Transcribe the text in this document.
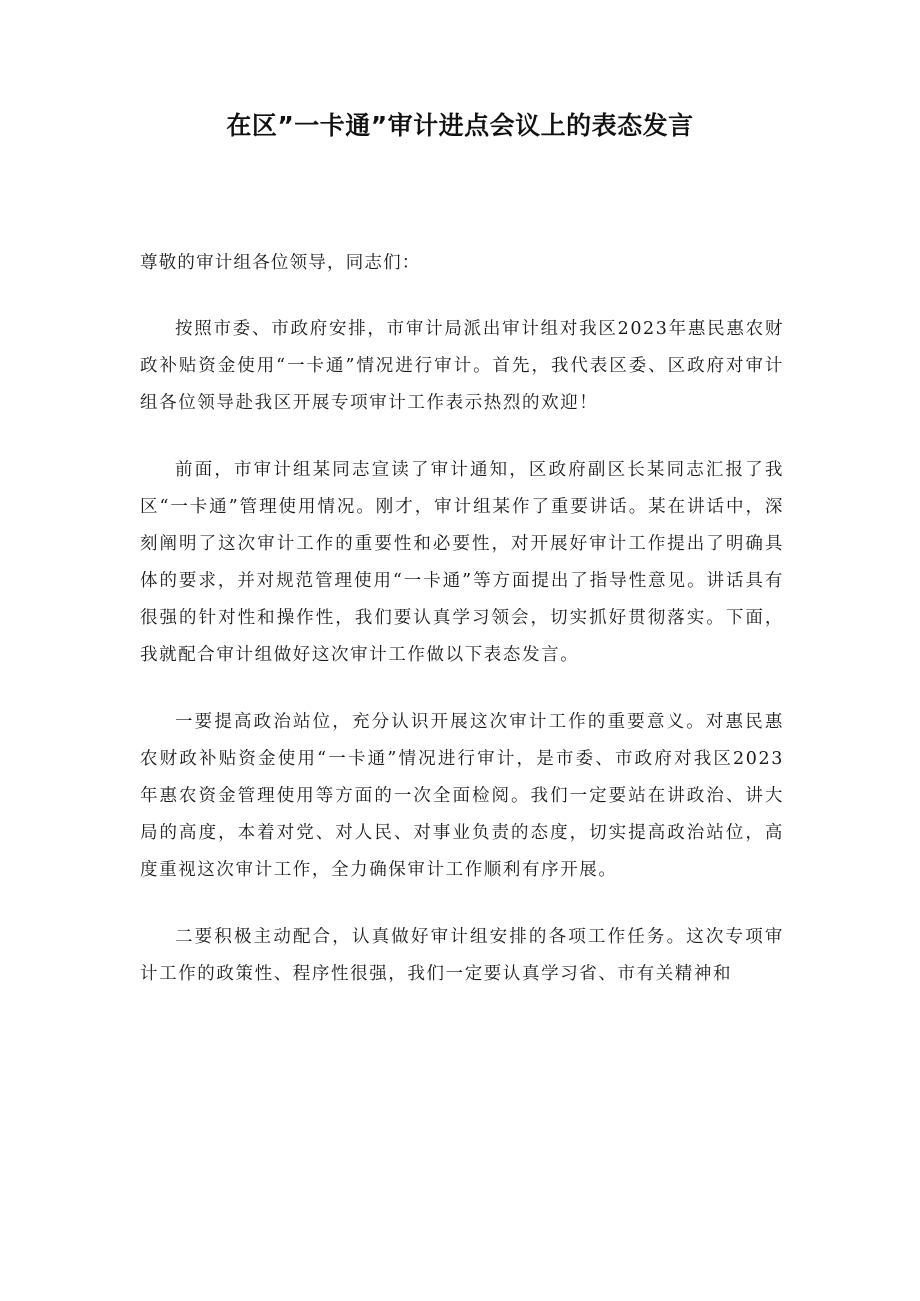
在区”一卡通”审计进点会议上的表态发言

尊敬的审计组各位领导，同志们：

按照市委、市政府安排，市审计局派出审计组对我区2023年惠民惠农财政补贴资金使用“一卡通”情况进行审计。首先，我代表区委、区政府对审计组各位领导赴我区开展专项审计工作表示热烈的欢迎！

前面，市审计组某同志宣读了审计通知，区政府副区长某同志汇报了我区“一卡通”管理使用情况。刚才，审计组某作了重要讲话。某在讲话中，深刻阐明了这次审计工作的重要性和必要性，对开展好审计工作提出了明确具体的要求，并对规范管理使用“一卡通”等方面提出了指导性意见。讲话具有很强的针对性和操作性，我们要认真学习领会，切实抓好贯彻落实。下面，我就配合审计组做好这次审计工作做以下表态发言。

一要提高政治站位，充分认识开展这次审计工作的重要意义。对惠民惠农财政补贴资金使用“一卡通”情况进行审计，是市委、市政府对我区2023年惠农资金管理使用等方面的一次全面检阅。我们一定要站在讲政治、讲大局的高度，本着对党、对人民、对事业负责的态度，切实提高政治站位，高度重视这次审计工作，全力确保审计工作顺利有序开展。

二要积极主动配合，认真做好审计组安排的各项工作任务。这次专项审计工作的政策性、程序性很强，我们一定要认真学习省、市有关精神和
